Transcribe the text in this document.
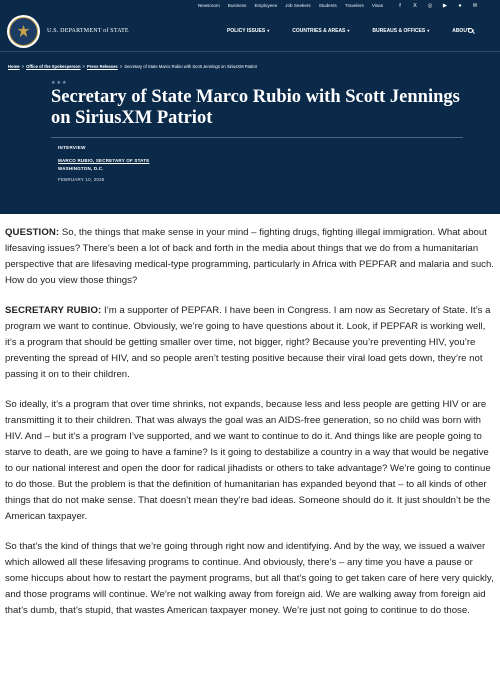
Newsroom Business Employees Job Seekers Students Travelers Visas	f	X ◎ ▶ ● ✉
U.S. DEPARTMENT of STATE	POLICY ISSUES ▾	COUNTRIES & AREAS ▾	BUREAUS & OFFICES ▾	ABOUT
Home > Office of the Spokesperson > Press Releases > Secretary of State Marco Rubio with Scott Jennings on SiriusXM Patriot
★★★
Secretary of State Marco Rubio with Scott Jennings on SiriusXM Patriot
INTERVIEW
MARCO RUBIO, SECRETARY OF STATE
WASHINGTON, D.C.
FEBRUARY 10, 2025

QUESTION: So, the things that make sense in your mind – fighting drugs, fighting illegal immigration. What about lifesaving issues? There’s been a lot of back and forth in the media about things that we do from a humanitarian perspective that are lifesaving medical-type programming, particularly in Africa with PEPFAR and malaria and such. How do you view those things?

SECRETARY RUBIO: I’m a supporter of PEPFAR. I have been in Congress. I am now as Secretary of State. It’s a program we want to continue. Obviously, we’re going to have questions about it. Look, if PEPFAR is working well, it’s a program that should be getting smaller over time, not bigger, right? Because you’re preventing HIV, you’re preventing the spread of HIV, and so people aren’t testing positive because their viral load gets down, they’re not passing it on to their children.

So ideally, it’s a program that over time shrinks, not expands, because less and less people are getting HIV or are transmitting it to their children. That was always the goal was an AIDS-free generation, so no child was born with HIV. And – but it’s a program I’ve supported, and we want to continue to do it. And things like are people going to starve to death, are we going to have a famine? Is it going to destabilize a country in a way that would be negative to our national interest and open the door for radical jihadists or others to take advantage? We’re going to continue to do those. But the problem is that the definition of humanitarian has expanded beyond that – to all kinds of other things that do not make sense. That doesn’t mean they’re bad ideas. Someone should do it. It just shouldn’t be the American taxpayer.

So that’s the kind of things that we’re going through right now and identifying. And by the way, we issued a waiver which allowed all these lifesaving programs to continue. And obviously, there’s – any time you have a pause or some hiccups about how to restart the payment programs, but all that’s going to get taken care of here very quickly, and those programs will continue. We’re not walking away from foreign aid. We are walking away from foreign aid that’s dumb, that’s stupid, that wastes American taxpayer money. We’re just not going to continue to do those.
